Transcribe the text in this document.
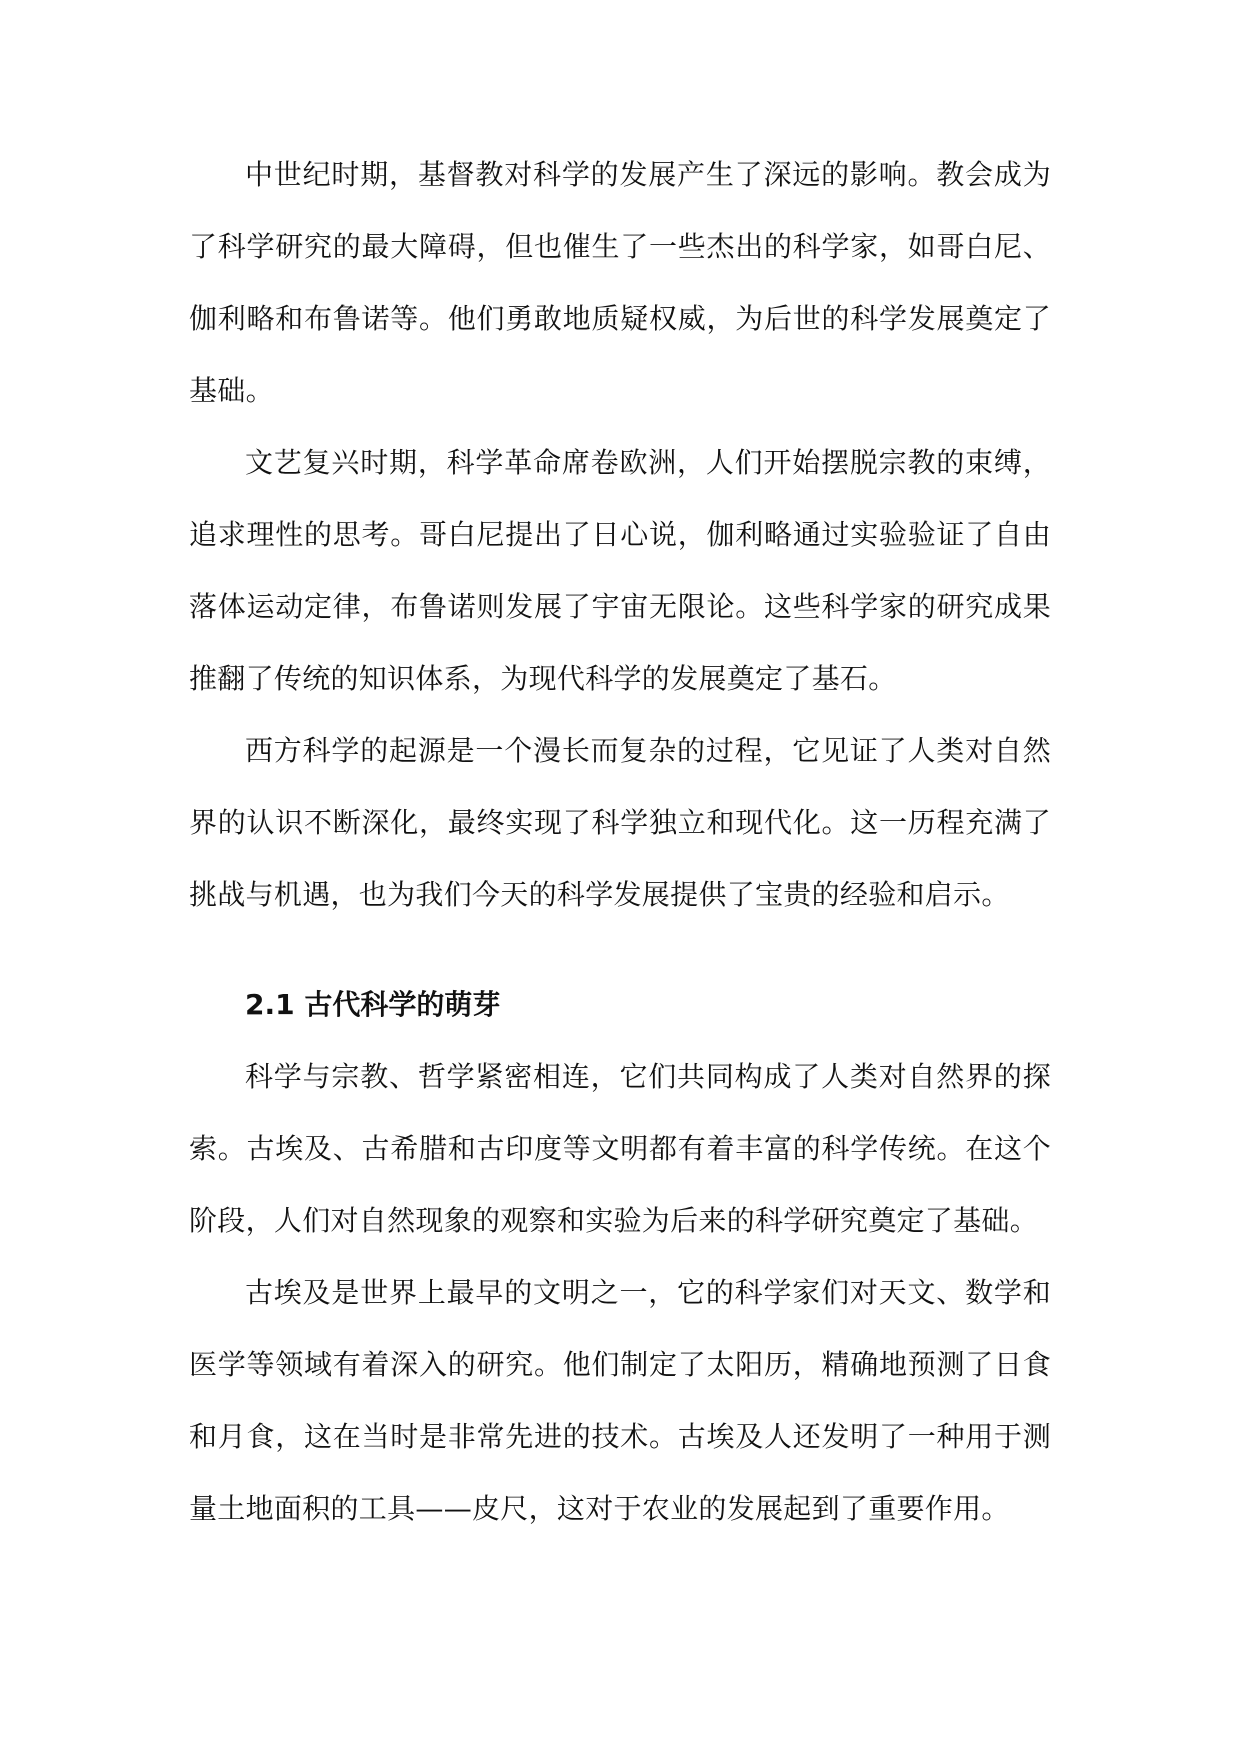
中世纪时期，基督教对科学的发展产生了深远的影响。教会成为了科学研究的最大障碍，但也催生了一些杰出的科学家，如哥白尼、伽利略和布鲁诺等。他们勇敢地质疑权威，为后世的科学发展奠定了基础。

文艺复兴时期，科学革命席卷欧洲，人们开始摆脱宗教的束缚，追求理性的思考。哥白尼提出了日心说，伽利略通过实验验证了自由落体运动定律，布鲁诺则发展了宇宙无限论。这些科学家的研究成果推翻了传统的知识体系，为现代科学的发展奠定了基石。

西方科学的起源是一个漫长而复杂的过程，它见证了人类对自然界的认识不断深化，最终实现了科学独立和现代化。这一历程充满了挑战与机遇，也为我们今天的科学发展提供了宝贵的经验和启示。

2.1 古代科学的萌芽

科学与宗教、哲学紧密相连，它们共同构成了人类对自然界的探索。古埃及、古希腊和古印度等文明都有着丰富的科学传统。在这个阶段，人们对自然现象的观察和实验为后来的科学研究奠定了基础。

古埃及是世界上最早的文明之一，它的科学家们对天文、数学和医学等领域有着深入的研究。他们制定了太阳历，精确地预测了日食和月食，这在当时是非常先进的技术。古埃及人还发明了一种用于测量土地面积的工具——皮尺，这对于农业的发展起到了重要作用。
